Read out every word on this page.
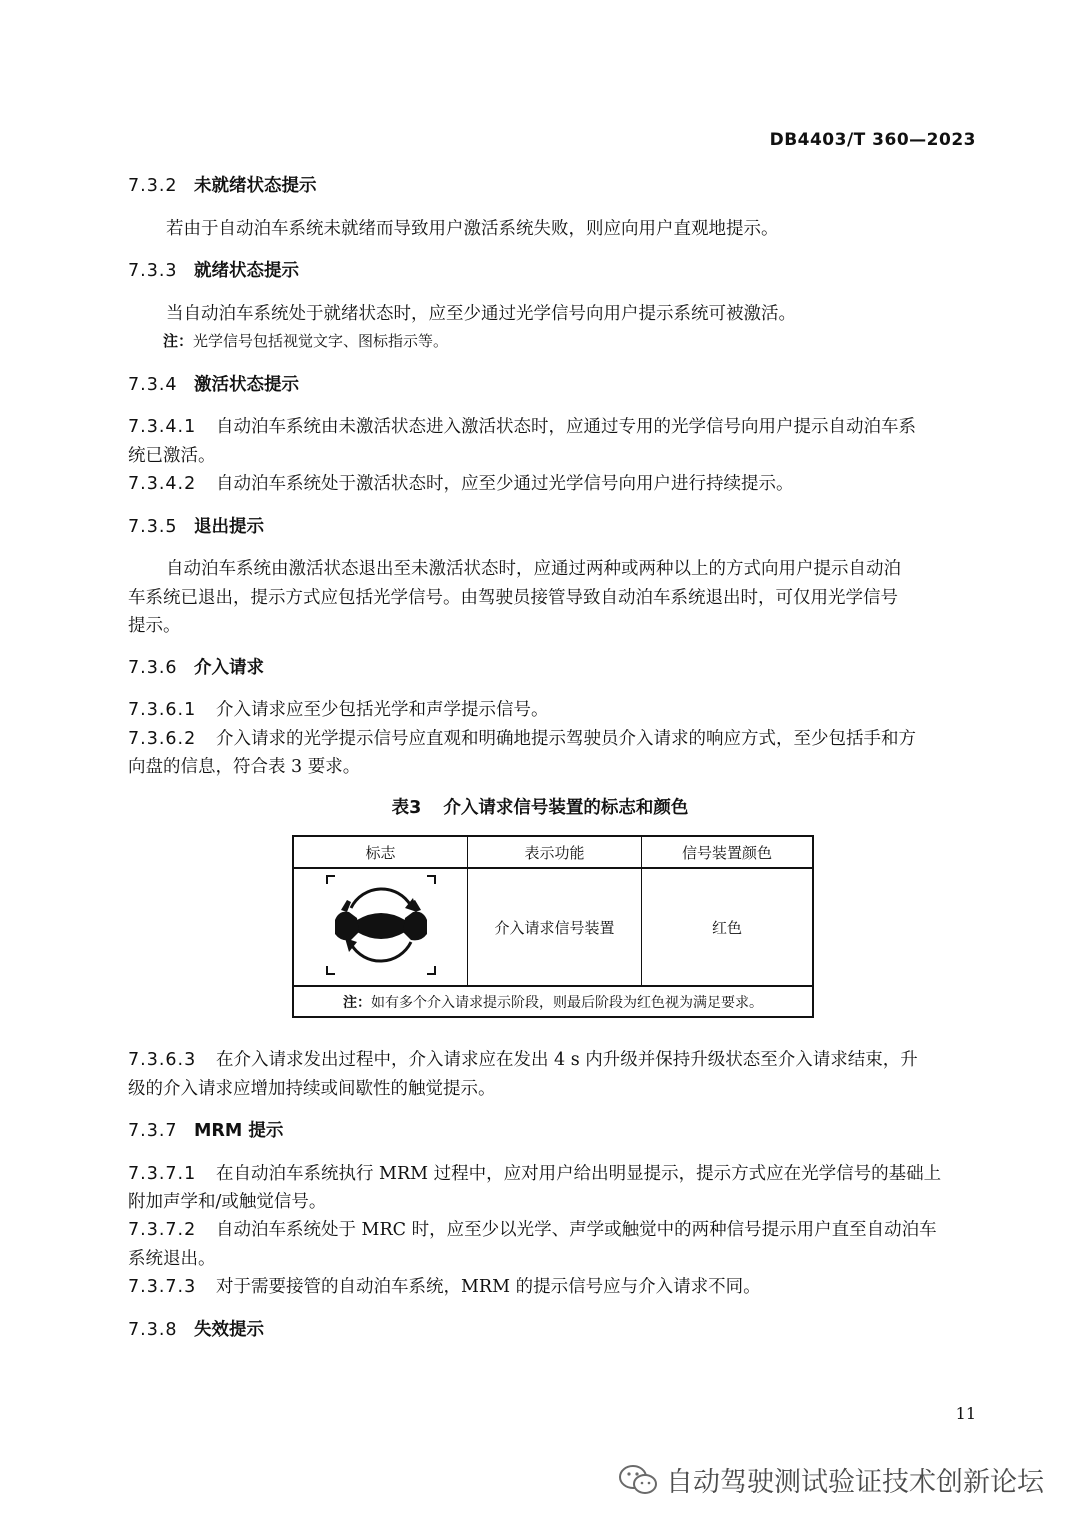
DB4403/T 360—2023
7.3.2 未就绪状态提示
若由于自动泊车系统未就绪而导致用户激活系统失败，则应向用户直观地提示。
7.3.3 就绪状态提示
当自动泊车系统处于就绪状态时，应至少通过光学信号向用户提示系统可被激活。
注：光学信号包括视觉文字、图标指示等。
7.3.4 激活状态提示
7.3.4.1 自动泊车系统由未激活状态进入激活状态时，应通过专用的光学信号向用户提示自动泊车系
统已激活。
7.3.4.2 自动泊车系统处于激活状态时，应至少通过光学信号向用户进行持续提示。
7.3.5 退出提示
自动泊车系统由激活状态退出至未激活状态时，应通过两种或两种以上的方式向用户提示自动泊
车系统已退出，提示方式应包括光学信号。由驾驶员接管导致自动泊车系统退出时，可仅用光学信号
提示。
7.3.6 介入请求
7.3.6.1 介入请求应至少包括光学和声学提示信号。
7.3.6.2 介入请求的光学提示信号应直观和明确地提示驾驶员介入请求的响应方式，至少包括手和方
向盘的信息，符合表 3 要求。
表3 介入请求信号装置的标志和颜色
标志	表示功能	信号装置颜色
	介入请求信号装置	红色
注：如有多个介入请求提示阶段，则最后阶段为红色视为满足要求。		
7.3.6.3 在介入请求发出过程中，介入请求应在发出 4 s 内升级并保持升级状态至介入请求结束，升
级的介入请求应增加持续或间歇性的触觉提示。
7.3.7 MRM 提示
7.3.7.1 在自动泊车系统执行 MRM 过程中，应对用户给出明显提示，提示方式应在光学信号的基础上
附加声学和/或触觉信号。
7.3.7.2 自动泊车系统处于 MRC 时，应至少以光学、声学或触觉中的两种信号提示用户直至自动泊车
系统退出。
7.3.7.3 对于需要接管的自动泊车系统，MRM 的提示信号应与介入请求不同。
7.3.8 失效提示
11
自动驾驶测试验证技术创新论坛
